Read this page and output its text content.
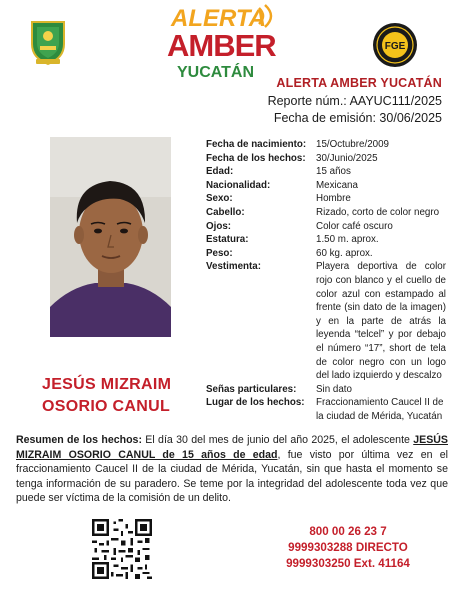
ALERTA
AMBER
YUCATÁN
FGE
ALERTA AMBER YUCATÁN
Reporte núm.: AAYUC111/2025
Fecha de emisión: 30/06/2025
JESÚS MIZRAIM
OSORIO CANUL
Fecha de nacimiento:	15/Octubre/2009
Fecha de los hechos:	30/Junio/2025
Edad:	15 años
Nacionalidad:	Mexicana
Sexo:	Hombre
Cabello:	Rizado, corto de color negro
Ojos:	Color café oscuro
Estatura:	1.50 m. aprox.
Peso:	60 kg. aprox.
Vestimenta:	Playera deportiva de color rojo con blanco y el cuello de color azul con estampado al frente (sin dato de la imagen) y en la parte de atrás la leyenda “telcel” y por debajo el número “17”, short de tela de color negro con un logo del lado izquierdo y descalzo
Señas particulares:	Sin dato
Lugar de los hechos:	Fraccionamiento Caucel II de la ciudad de Mérida, Yucatán
Resumen de los hechos: El día 30 del mes de junio del año 2025, el adolescente JESÚS MIZRAIM OSORIO CANUL de 15 años de edad, fue visto por última vez en el fraccionamiento Caucel II de la ciudad de Mérida, Yucatán, sin que hasta el momento se tenga información de su paradero. Se teme por la integridad del adolescente toda vez que puede ser víctima de la comisión de un delito.
800 00 26 23 7
9999303288 DIRECTO
9999303250 Ext. 41164
